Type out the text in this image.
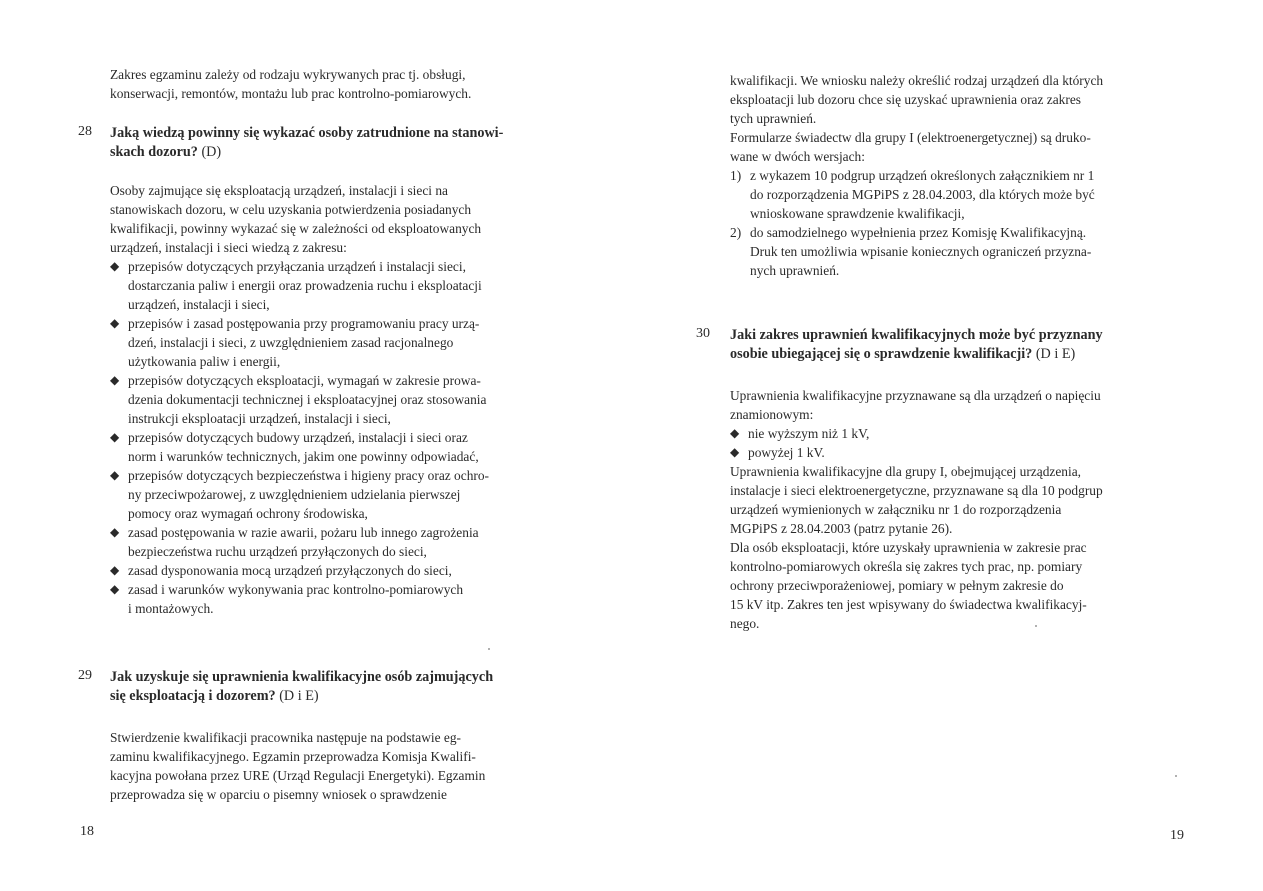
Zakres egzaminu zależy od rodzaju wykrywanych prac tj. obsługi,
konserwacji, remontów, montażu lub prac kontrolno-pomiarowych.
28 Jaką wiedzą powinny się wykazać osoby zatrudnione na stanowi-
skach dozoru? (D)
Osoby zajmujące się eksploatacją urządzeń, instalacji i sieci na
stanowiskach dozoru, w celu uzyskania potwierdzenia posiadanych
kwalifikacji, powinny wykazać się w zależności od eksploatowanych
urządzeń, instalacji i sieci wiedzą z zakresu:
◆ przepisów dotyczących przyłączania urządzeń i instalacji sieci,
dostarczania paliw i energii oraz prowadzenia ruchu i eksploatacji
urządzeń, instalacji i sieci,
◆ przepisów i zasad postępowania przy programowaniu pracy urzą-
dzeń, instalacji i sieci, z uwzględnieniem zasad racjonalnego
użytkowania paliw i energii,
◆ przepisów dotyczących eksploatacji, wymagań w zakresie prowa-
dzenia dokumentacji technicznej i eksploatacyjnej oraz stosowania
instrukcji eksploatacji urządzeń, instalacji i sieci,
◆ przepisów dotyczących budowy urządzeń, instalacji i sieci oraz
norm i warunków technicznych, jakim one powinny odpowiadać,
◆ przepisów dotyczących bezpieczeństwa i higieny pracy oraz ochro-
ny przeciwpożarowej, z uwzględnieniem udzielania pierwszej
pomocy oraz wymagań ochrony środowiska,
◆ zasad postępowania w razie awarii, pożaru lub innego zagrożenia
bezpieczeństwa ruchu urządzeń przyłączonych do sieci,
◆ zasad dysponowania mocą urządzeń przyłączonych do sieci,
◆ zasad i warunków wykonywania prac kontrolno-pomiarowych
i montażowych.
29 Jak uzyskuje się uprawnienia kwalifikacyjne osób zajmujących
się eksploatacją i dozorem? (D i E)
Stwierdzenie kwalifikacji pracownika następuje na podstawie eg-
zaminu kwalifikacyjnego. Egzamin przeprowadza Komisja Kwalifi-
kacyjna powołana przez URE (Urząd Regulacji Energetyki). Egzamin
przeprowadza się w oparciu o pisemny wniosek o sprawdzenie
18
kwalifikacji. We wniosku należy określić rodzaj urządzeń dla których
eksploatacji lub dozoru chce się uzyskać uprawnienia oraz zakres
tych uprawnień.
Formularze świadectw dla grupy I (elektroenergetycznej) są druko-
wane w dwóch wersjach:
1) z wykazem 10 podgrup urządzeń określonych załącznikiem nr 1
do rozporządzenia MGPiPS z 28.04.2003, dla których może być
wnioskowane sprawdzenie kwalifikacji,
2) do samodzielnego wypełnienia przez Komisję Kwalifikacyjną.
Druk ten umożliwia wpisanie koniecznych ograniczeń przyzna-
nych uprawnień.
30 Jaki zakres uprawnień kwalifikacyjnych może być przyznany
osobie ubiegającej się o sprawdzenie kwalifikacji? (D i E)
Uprawnienia kwalifikacyjne przyznawane są dla urządzeń o napięciu
znamionowym:
◆ nie wyższym niż 1 kV,
◆ powyżej 1 kV.
Uprawnienia kwalifikacyjne dla grupy I, obejmującej urządzenia,
instalacje i sieci elektroenergetyczne, przyznawane są dla 10 podgrup
urządzeń wymienionych w załączniku nr 1 do rozporządzenia
MGPiPS z 28.04.2003 (patrz pytanie 26).
Dla osób eksploatacji, które uzyskały uprawnienia w zakresie prac
kontrolno-pomiarowych określa się zakres tych prac, np. pomiary
ochrony przeciwporażeniowej, pomiary w pełnym zakresie do
15 kV itp. Zakres ten jest wpisywany do świadectwa kwalifikacyj-
nego.
19
